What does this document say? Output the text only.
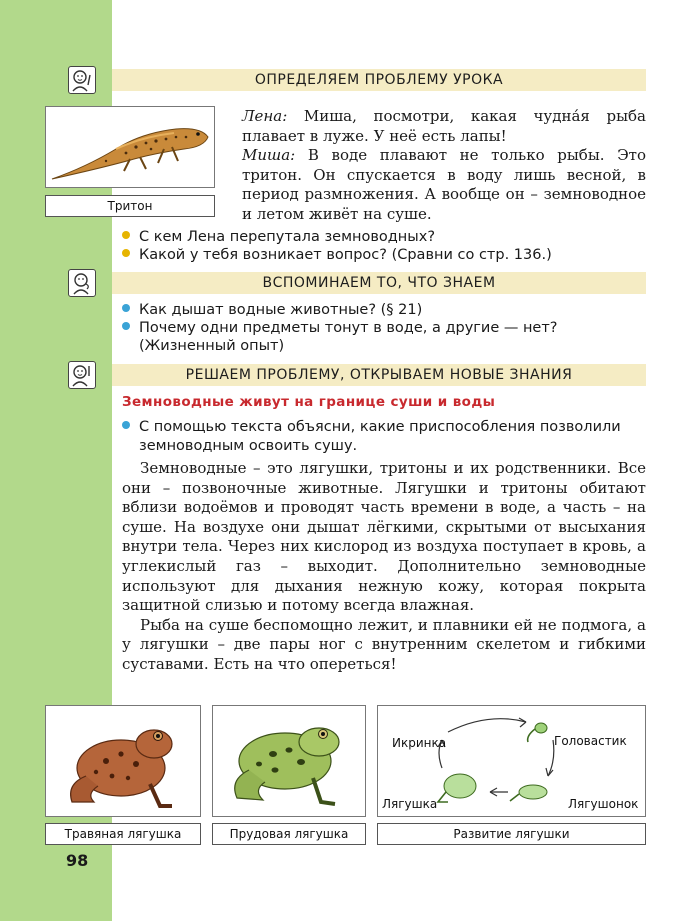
ОПРЕДЕЛЯЕМ ПРОБЛЕМУ УРОКА
Тритон

Лена: Миша, посмотри, какая чудна́я рыба плавает в луже. У неё есть лапы!

Миша: В воде плавают не только рыбы. Это тритон. Он спускается в воду лишь весной, в период размножения. А вообще он – земноводное и летом живёт на суше.

С кем Лена перепутала земноводных?
Какой у тебя возникает вопрос? (Сравни со стр. 136.)
ВСПОМИНАЕМ ТО, ЧТО ЗНАЕМ
Как дышат водные животные? (§ 21)
Почему одни предметы тонут в воде, а другие — нет? (Жизненный опыт)
РЕШАЕМ ПРОБЛЕМУ, ОТКРЫВАЕМ НОВЫЕ ЗНАНИЯ
Земноводные живут на границе суши и воды
С помощью текста объясни, какие приспособления позволили земноводным освоить сушу.

Земноводные – это лягушки, тритоны и их родственники. Все они – позвоночные животные. Лягушки и тритоны обитают вблизи водоёмов и проводят часть времени в воде, а часть – на суше. На воздухе они дышат лёгкими, скрытыми от высыхания внутри тела. Через них кислород из воздуха поступает в кровь, а углекислый газ – выходит. Дополнительно земноводные используют для дыхания нежную кожу, которая покрыта защитной слизью и потому всегда влажная.

Рыба на суше беспомощно лежит, и плавники ей не подмога, а у лягушки – две пары ног с внутренним скелетом и гибкими суставами. Есть на что опереться!

Икринка	Головастик
Лягушка	Лягушонок
Травяная лягушка	Прудовая лягушка	Развитие лягушки
98
